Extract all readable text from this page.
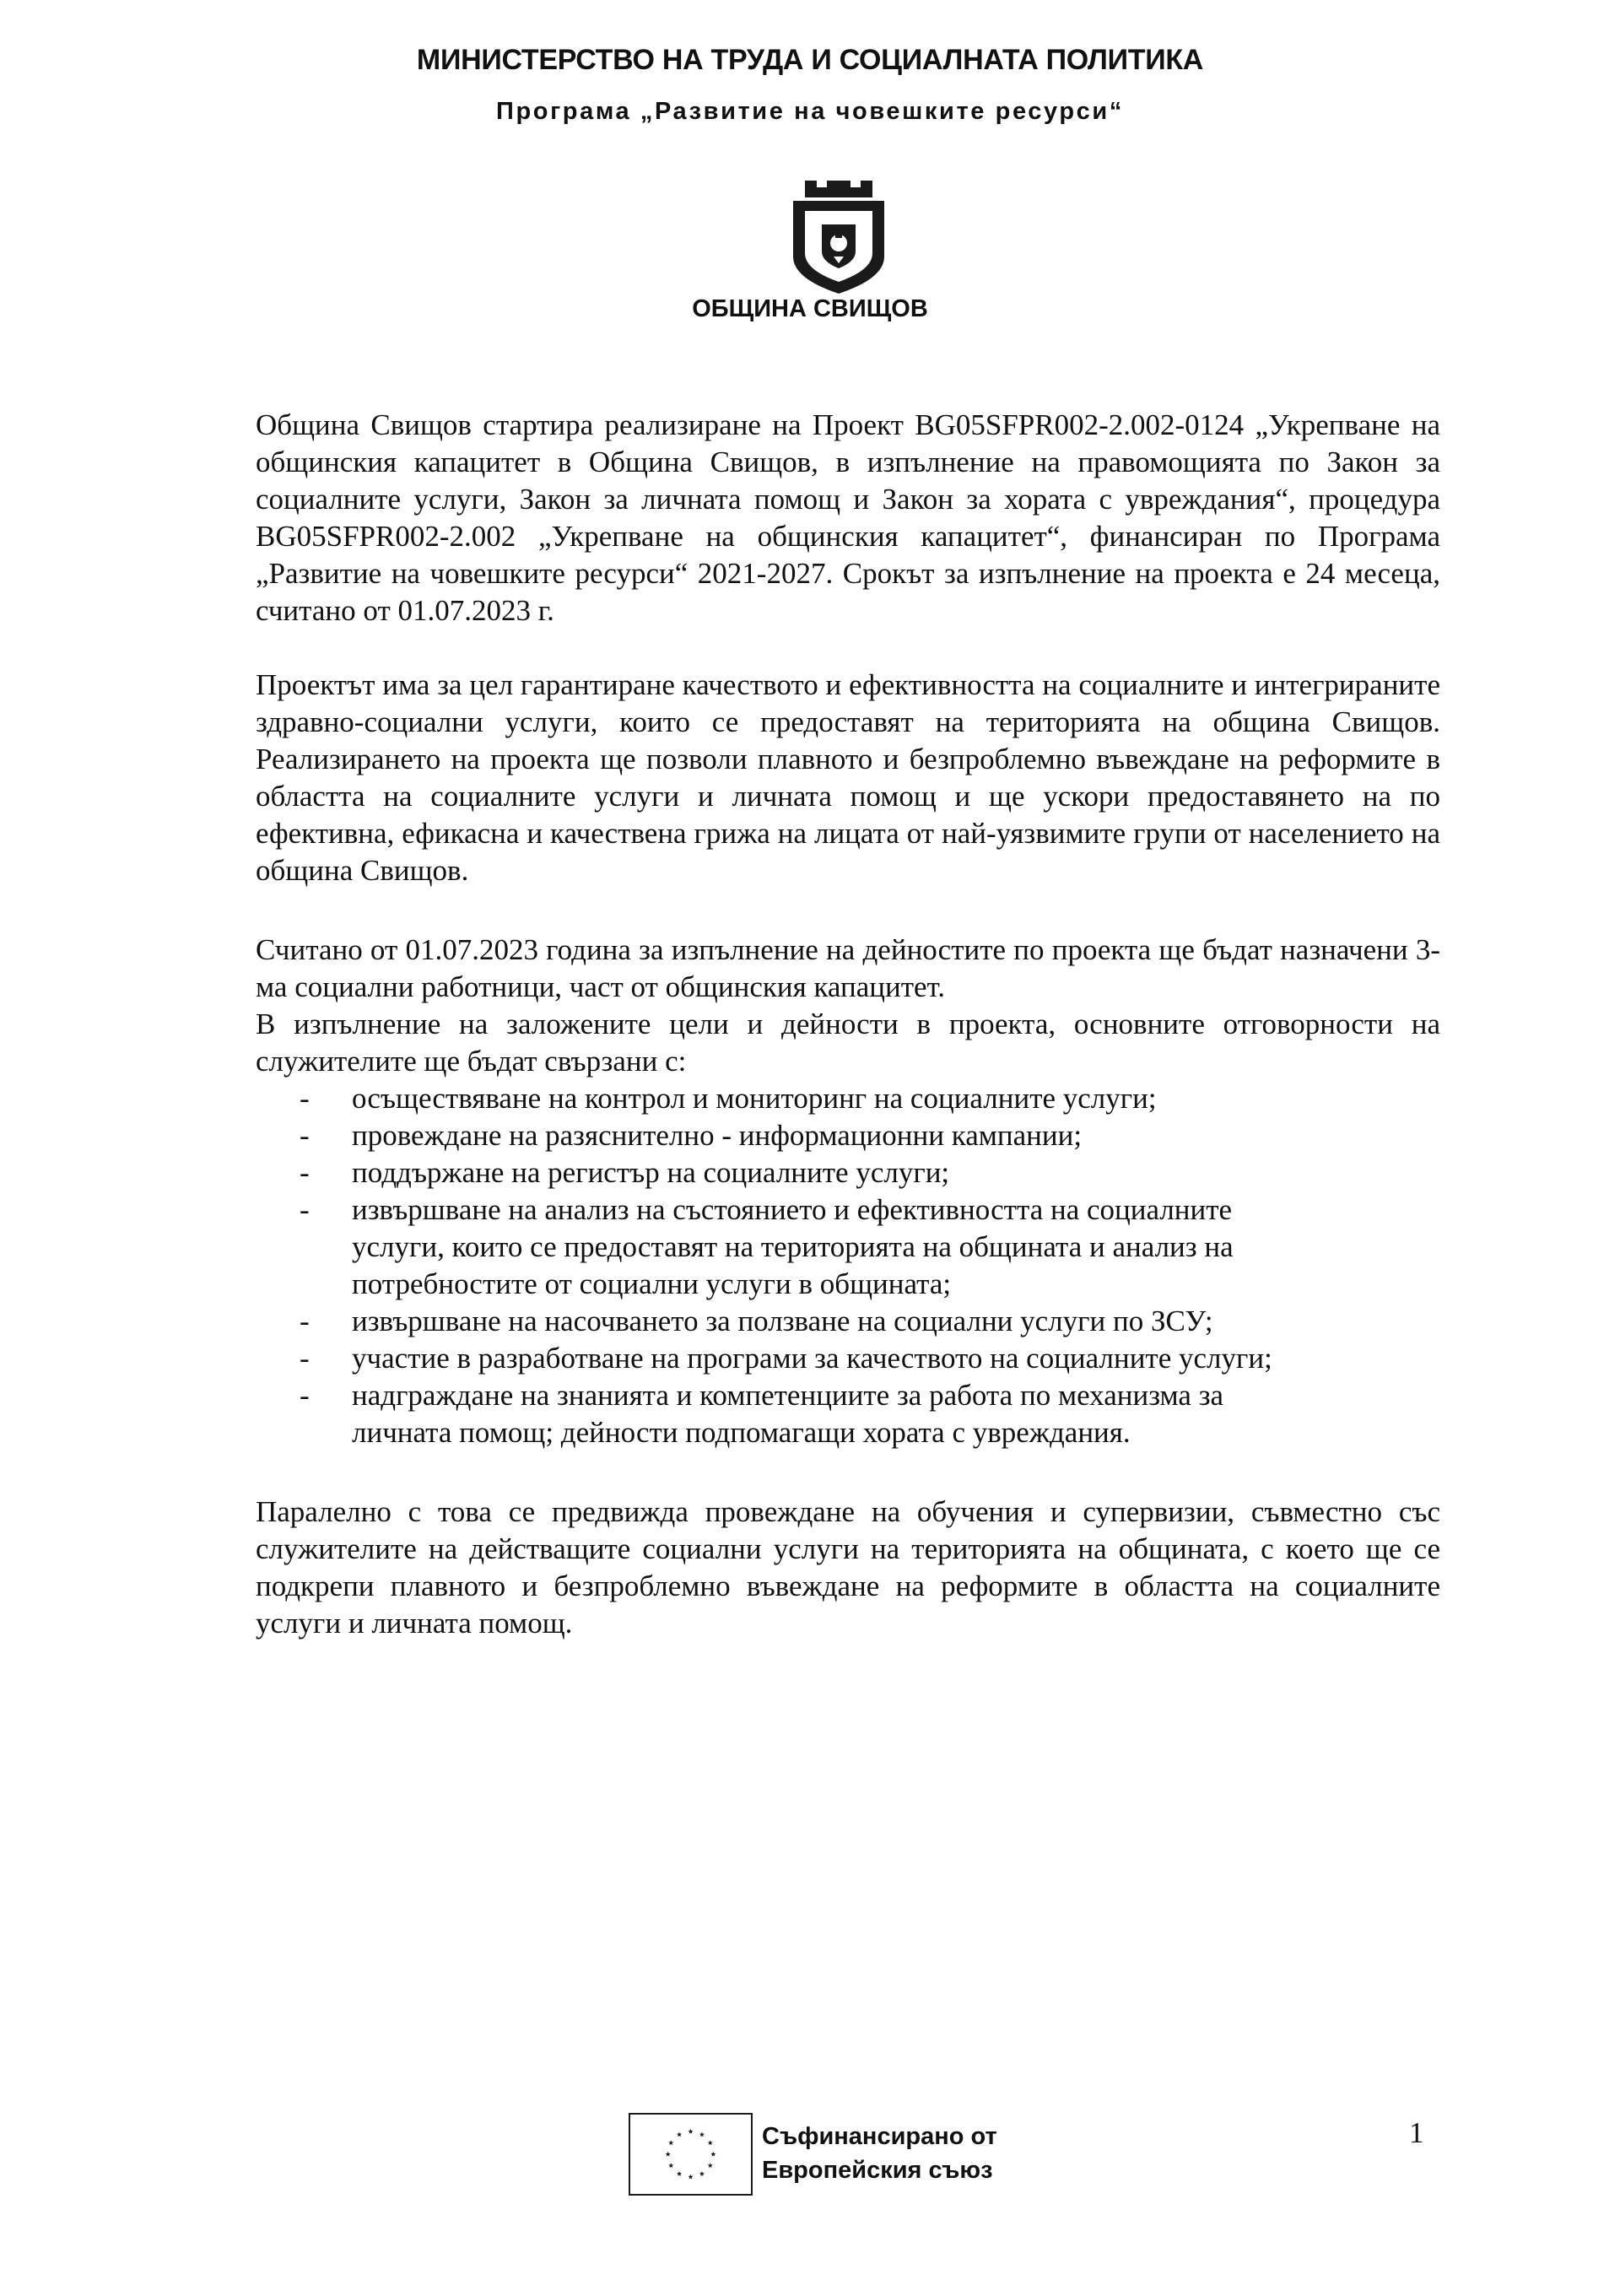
МИНИСТЕРСТВО НА ТРУДА И СОЦИАЛНАТА ПОЛИТИКА
Програма „Развитие на човешките ресурси“
ОБЩИНА СВИЩОВ

Община Свищов стартира реализиране на Проект BG05SFPR002-2.002-0124 „Укрепване на общинския капацитет в Община Свищов, в изпълнение на правомощията по Закон за социалните услуги, Закон за личната помощ и Закон за хората с увреждания“, процедура BG05SFPR002-2.002 „Укрепване на общинския капацитет“, финансиран по Програма „Развитие на човешките ресурси“ 2021-2027. Срокът за изпълнение на проекта е 24 месеца, считано от 01.07.2023 г.

Проектът има за цел гарантиране качеството и ефективността на социалните и интегрираните здравно-социални услуги, които се предоставят на територията на община Свищов. Реализирането на проекта ще позволи плавното и безпроблемно въвеждане на реформите в областта на социалните услуги и личната помощ и ще ускори предоставянето на по ефективна, ефикасна и качествена грижа на лицата от най-уязвимите групи от населението на община Свищов.

Считано от 01.07.2023 година за изпълнение на дейностите по проекта ще бъдат назначени 3-ма социални работници, част от общинския капацитет.

В изпълнение на заложените цели и дейности в проекта, основните отговорности на служителите ще бъдат свързани с:

- осъществяване на контрол и мониторинг на социалните услуги;
- провеждане на разяснително - информационни кампании;
- поддържане на регистър на социалните услуги;
- извършване на анализ на състоянието и ефективността на социалните услуги, които се предоставят на територията на общината и анализ на потребностите от социални услуги в общината;
- извършване на насочването за ползване на социални услуги по ЗСУ;
- участие в разработване на програми за качеството на социалните услуги;
- надграждане на знанията и компетенциите за работа по механизма за личната помощ; дейности подпомагащи хората с увреждания.

Паралелно с това се предвижда провеждане на обучения и супервизии, съвместно със служителите на действащите социални услуги на територията на общината, с което ще се подкрепи плавното и безпроблемно въвеждане на реформите в областта на социалните услуги и личната помощ.

Съфинансирано от
Европейския съюз
1
